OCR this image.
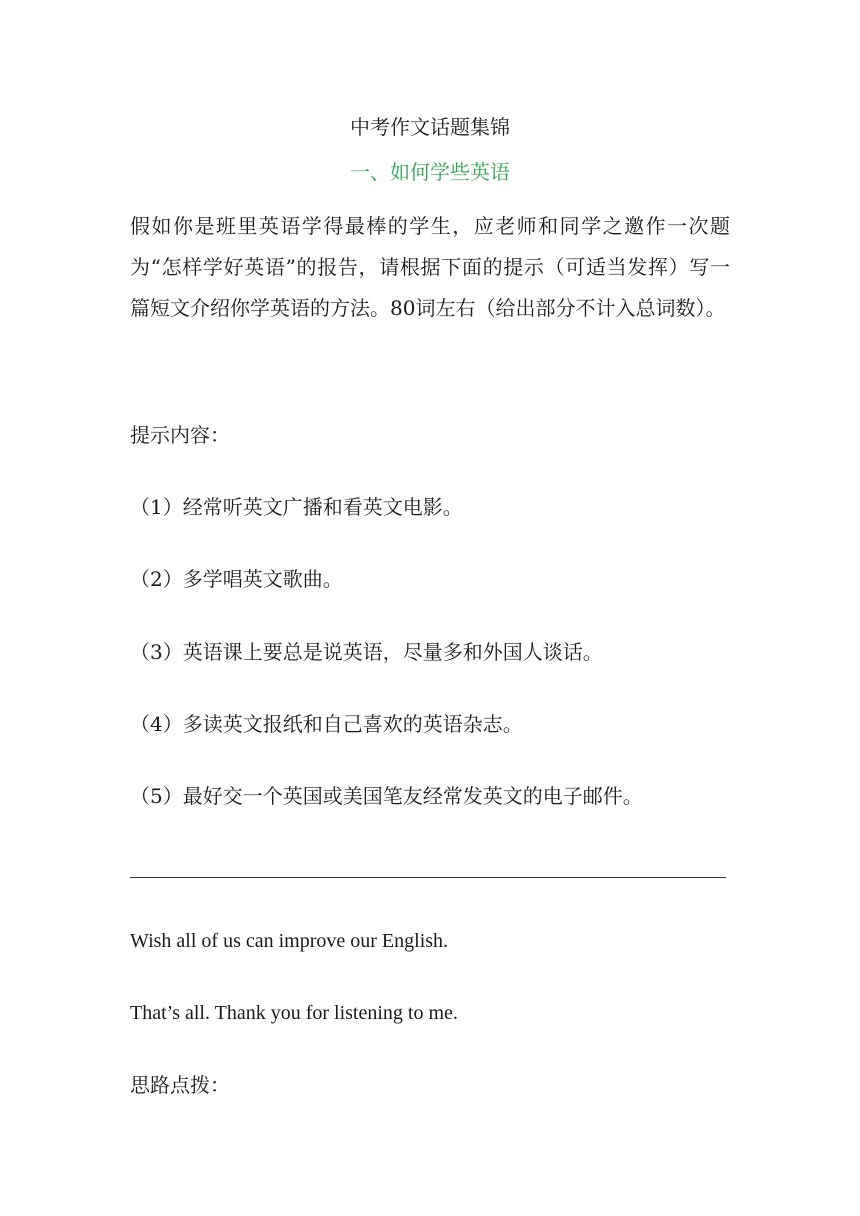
中考作文话题集锦
一、如何学些英语

假如你是班里英语学得最棒的学生，应老师和同学之邀作一次题为“怎样学好英语”的报告，请根据下面的提示（可适当发挥）写一篇短文介绍你学英语的方法。80词左右（给出部分不计入总词数）。

提示内容：

（1）经常听英文广播和看英文电影。

（2）多学唱英文歌曲。

（3）英语课上要总是说英语，尽量多和外国人谈话。

（4）多读英文报纸和自己喜欢的英语杂志。

（5）最好交一个英国或美国笔友经常发英文的电子邮件。

Wish all of us can improve our English.

That’s all. Thank you for listening to me.

思路点拨：
